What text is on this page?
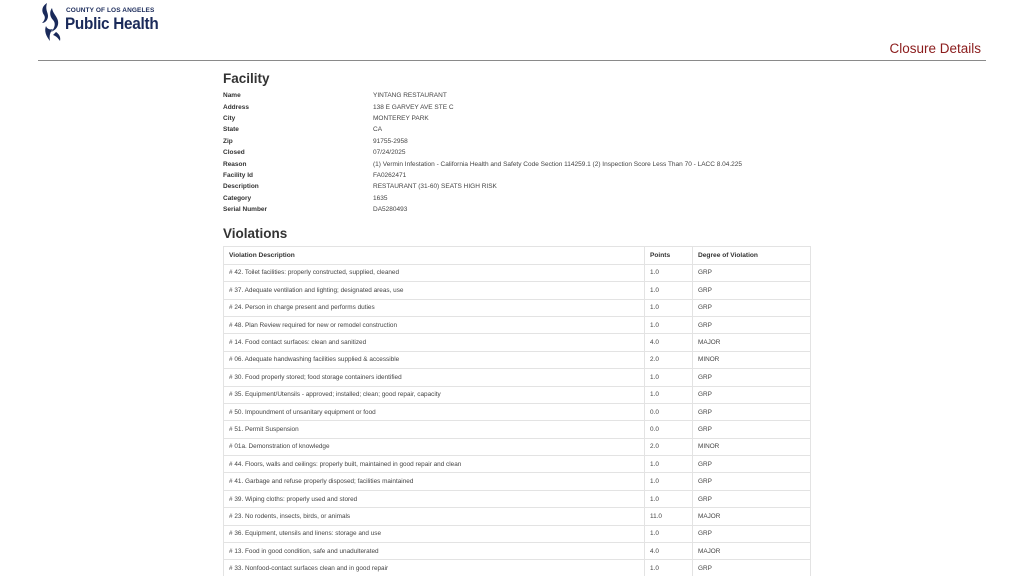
COUNTY OF LOS ANGELES
Public Health
Closure Details
Facility
Name	YINTANG RESTAURANT
Address	138 E GARVEY AVE STE C
City	MONTEREY PARK
State	CA
Zip	91755-2958
Closed	07/24/2025
Reason	(1) Vermin Infestation - California Health and Safety Code Section 114259.1 (2) Inspection Score Less Than 70 - LACC 8.04.225
Facility Id	FA0262471
Description	RESTAURANT (31-60) SEATS HIGH RISK
Category	1635
Serial Number	DA5280493
Violations
Violation Description	Points	Degree of Violation
# 42. Toilet facilities: properly constructed, supplied, cleaned	1.0	GRP
# 37. Adequate ventilation and lighting; designated areas, use	1.0	GRP
# 24. Person in charge present and performs duties	1.0	GRP
# 48. Plan Review required for new or remodel construction	1.0	GRP
# 14. Food contact surfaces: clean and sanitized	4.0	MAJOR
# 06. Adequate handwashing facilities supplied & accessible	2.0	MINOR
# 30. Food properly stored; food storage containers identified	1.0	GRP
# 35. Equipment/Utensils - approved; installed; clean; good repair, capacity	1.0	GRP
# 50. Impoundment of unsanitary equipment or food	0.0	GRP
# 51. Permit Suspension	0.0	GRP
# 01a. Demonstration of knowledge	2.0	MINOR
# 44. Floors, walls and ceilings: properly built, maintained in good repair and clean	1.0	GRP
# 41. Garbage and refuse properly disposed; facilities maintained	1.0	GRP
# 39. Wiping cloths: properly used and stored	1.0	GRP
# 23. No rodents, insects, birds, or animals	11.0	MAJOR
# 36. Equipment, utensils and linens: storage and use	1.0	GRP
# 13. Food in good condition, safe and unadulterated	4.0	MAJOR
# 33. Nonfood-contact surfaces clean and in good repair	1.0	GRP
